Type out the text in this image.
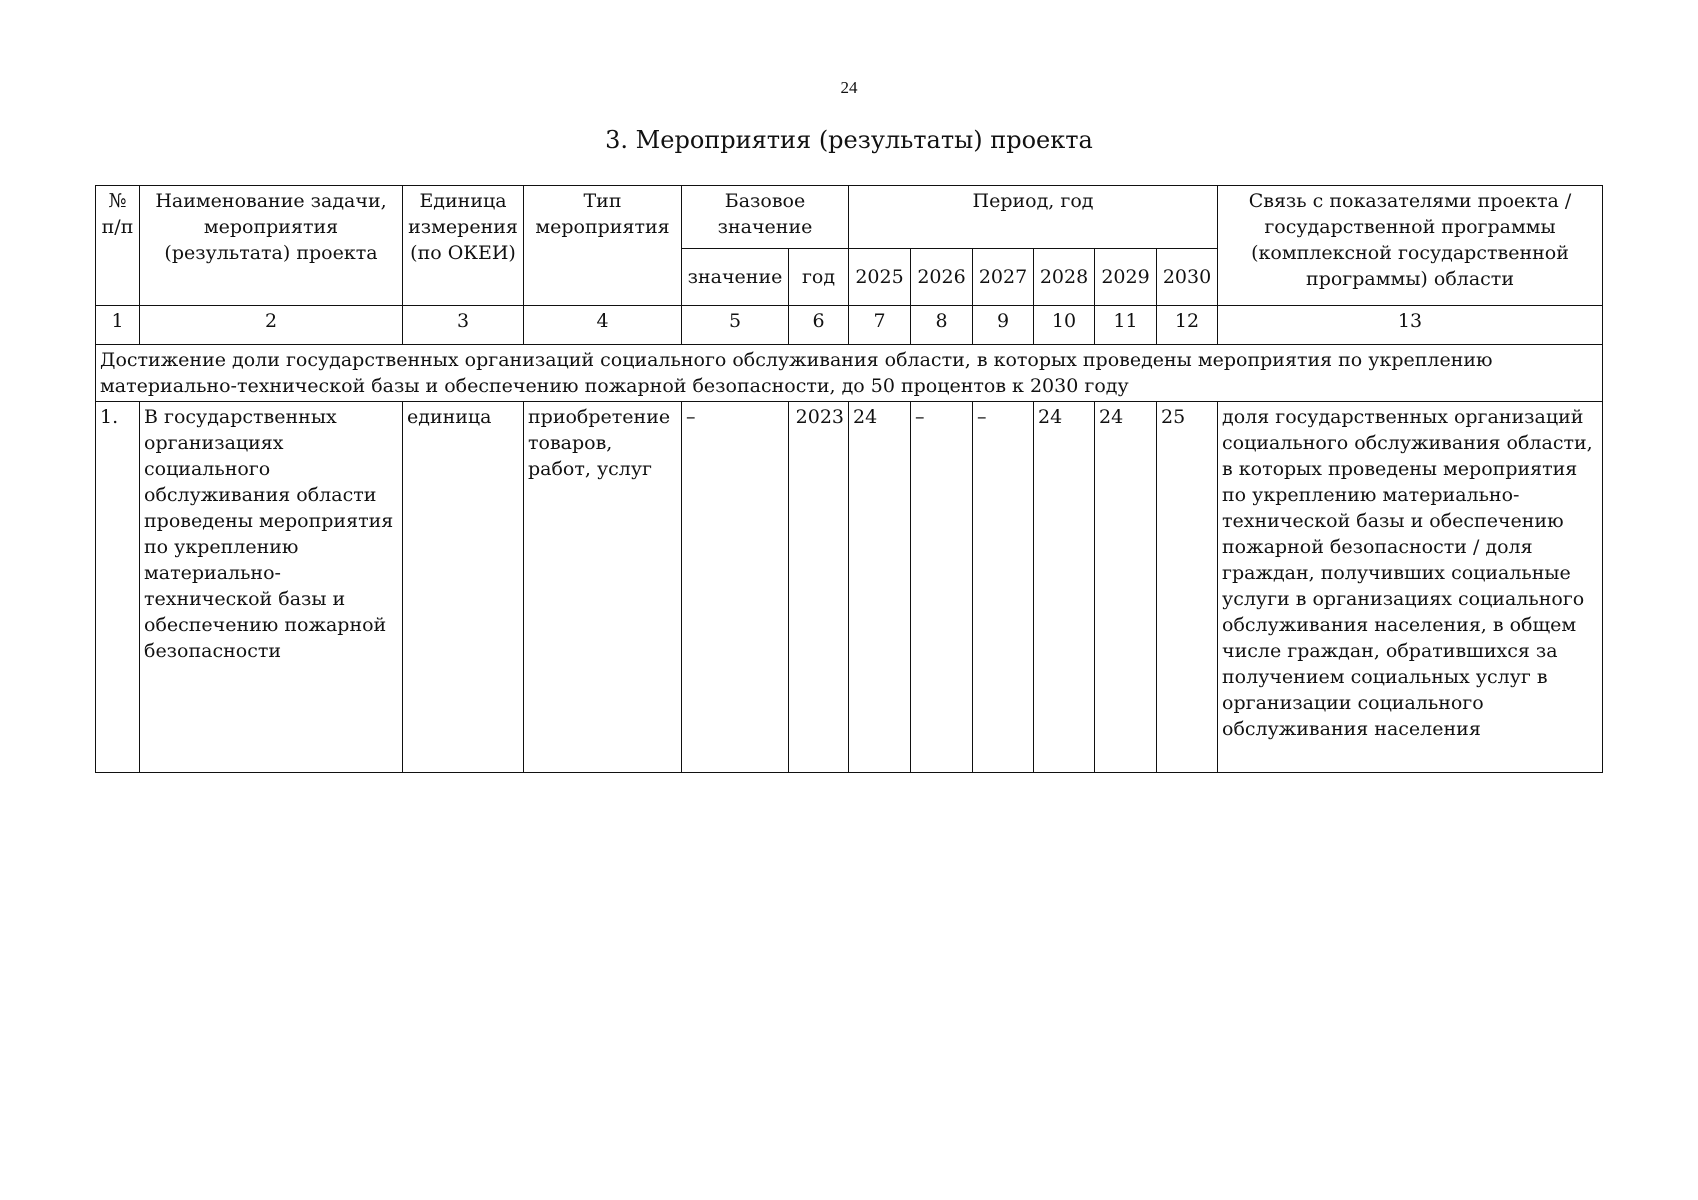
24
3. Мероприятия (результаты) проекта
№ п/п	Наименование задачи, мероприятия (результата) проекта	Единица измерения (по ОКЕИ)	Тип мероприятия	Базовое значение		Период, год						Связь с показателями проекта / государственной программы (комплексной государственной программы) области
				значение	год	2025	2026	2027	2028	2029	2030	
1	2	3	4	5	6	7	8	9	10	11	12	13
Достижение доли государственных организаций социального обслуживания области, в которых проведены мероприятия по укреплению материально-технической базы и обеспечению пожарной безопасности, до 50 процентов к 2030 году												
1.	В государственных организациях социального обслуживания области проведены мероприятия по укреплению материально-технической базы и обеспечению пожарной безопасности	единица	приобретение товаров, работ, услуг	–	2023	24	–	–	24	24	25	доля государственных организаций социального обслуживания области, в которых проведены мероприятия по укреплению материально-технической базы и обеспечению пожарной безопасности / доля граждан, получивших социальные услуги в организациях социального обслуживания населения, в общем числе граждан, обратившихся за получением социальных услуг в организации социального обслуживания населения
